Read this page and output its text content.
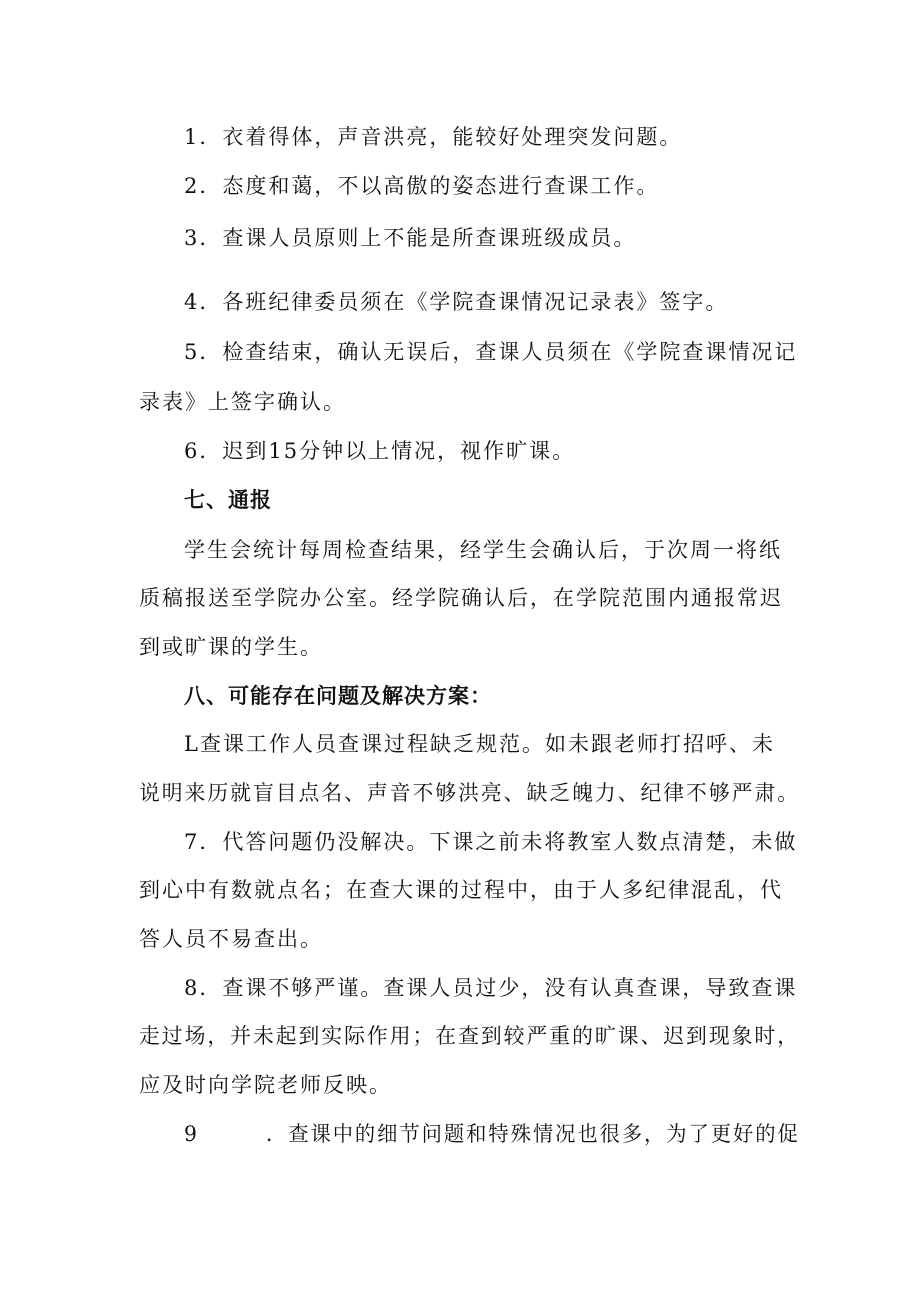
1．衣着得体，声音洪亮，能较好处理突发问题。
2．态度和蔼，不以高傲的姿态进行查课工作。
3．查课人员原则上不能是所查课班级成员。
4．各班纪律委员须在《学院查课情况记录表》签字。
5．检查结束，确认无误后，查课人员须在《学院查课情况记
录表》上签字确认。
6．迟到15分钟以上情况，视作旷课。
七、通报
学生会统计每周检查结果，经学生会确认后，于次周一将纸
质稿报送至学院办公室。经学院确认后，在学院范围内通报常迟
到或旷课的学生。
八、可能存在问题及解决方案：
L查课工作人员查课过程缺乏规范。如未跟老师打招呼、未
说明来历就盲目点名、声音不够洪亮、缺乏魄力、纪律不够严肃。
7．代答问题仍没解决。下课之前未将教室人数点清楚，未做
到心中有数就点名；在查大课的过程中，由于人多纪律混乱，代
答人员不易查出。
8．查课不够严谨。查课人员过少，没有认真查课，导致查课
走过场，并未起到实际作用；在查到较严重的旷课、迟到现象时，
应及时向学院老师反映。
9        ．查课中的细节问题和特殊情况也很多，为了更好的促
